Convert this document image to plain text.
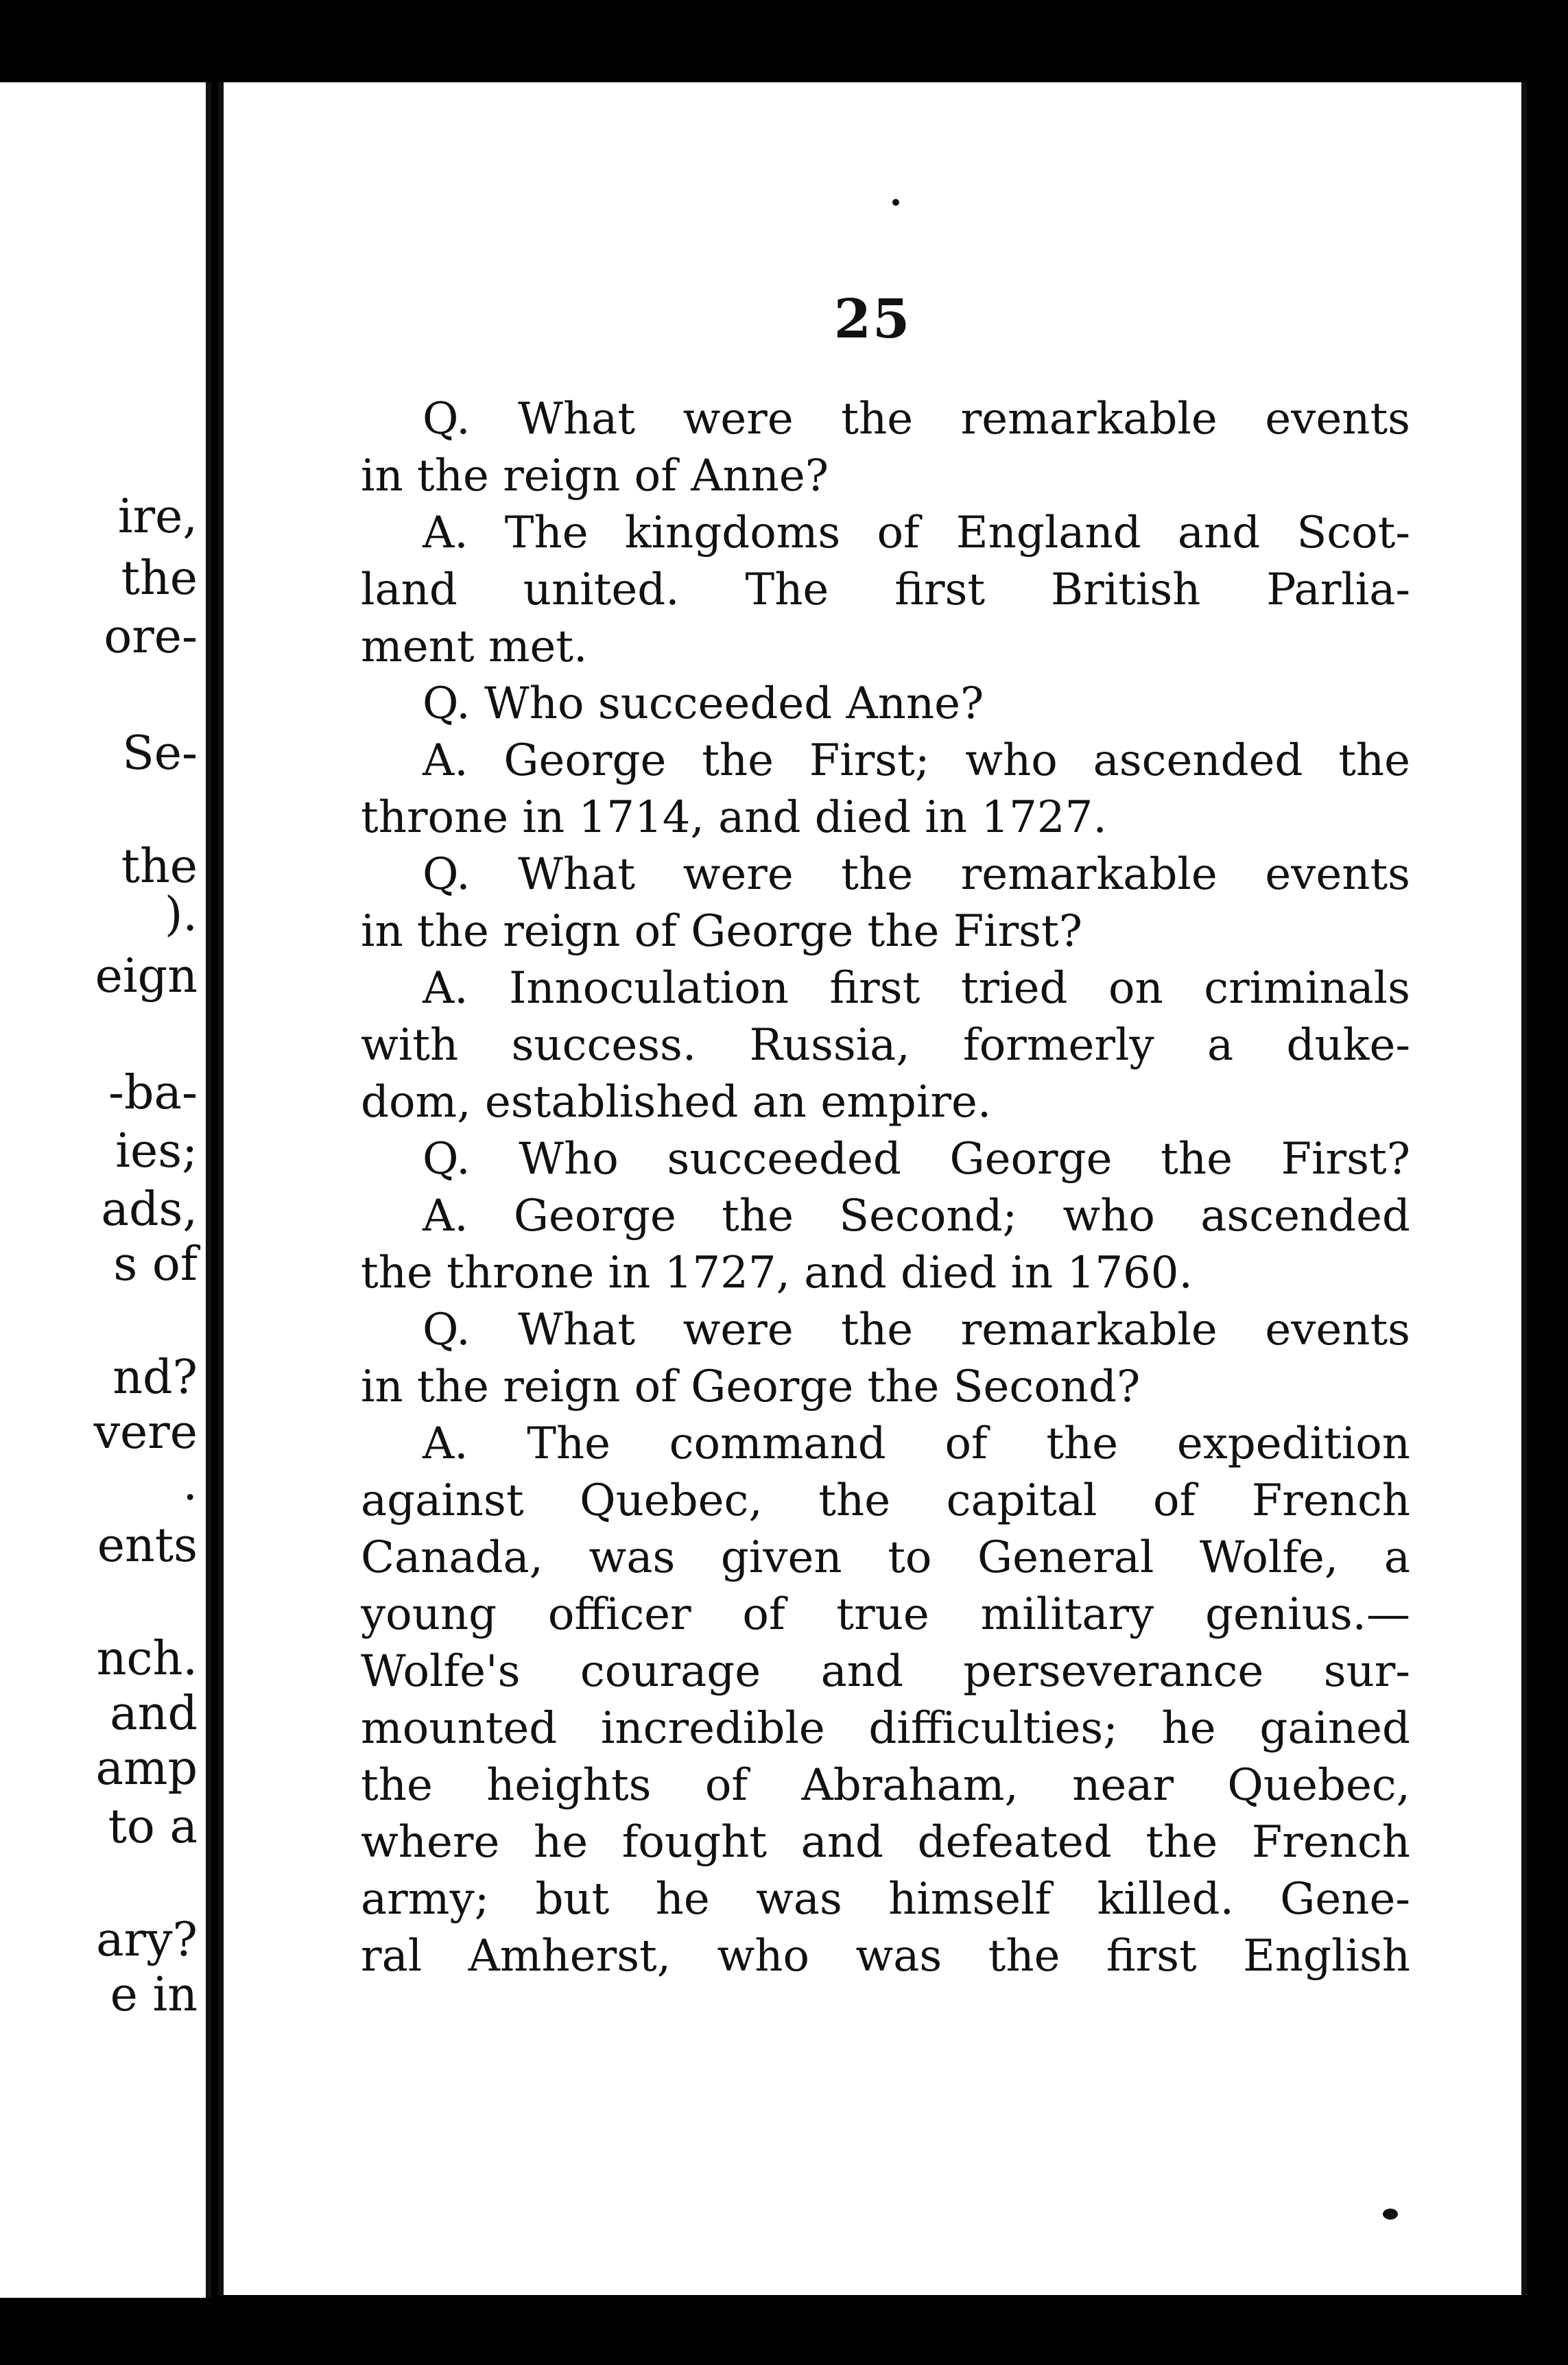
ire,
the
ore-
Se-
the
).
eign
-ba-
ies;
ads,
s of
nd?
vere
.
ents
nch.
and
amp
to a
ary?
e in
25
Q. What were the remarkable events
in the reign of Anne?
A. The kingdoms of England and Scot-
land united. The first British Parlia-
ment met.
Q. Who succeeded Anne?
A. George the First; who ascended the
throne in 1714, and died in 1727.
Q. What were the remarkable events
in the reign of George the First?
A. Innoculation first tried on criminals
with success. Russia, formerly a duke-
dom, established an empire.
Q. Who succeeded George the First?
A. George the Second; who ascended
the throne in 1727, and died in 1760.
Q. What were the remarkable events
in the reign of George the Second?
A. The command of the expedition
against Quebec, the capital of French
Canada, was given to General Wolfe, a
young officer of true military genius.—
Wolfe's courage and perseverance sur-
mounted incredible difficulties; he gained
the heights of Abraham, near Quebec,
where he fought and defeated the French
army; but he was himself killed. Gene-
ral Amherst, who was the first English
